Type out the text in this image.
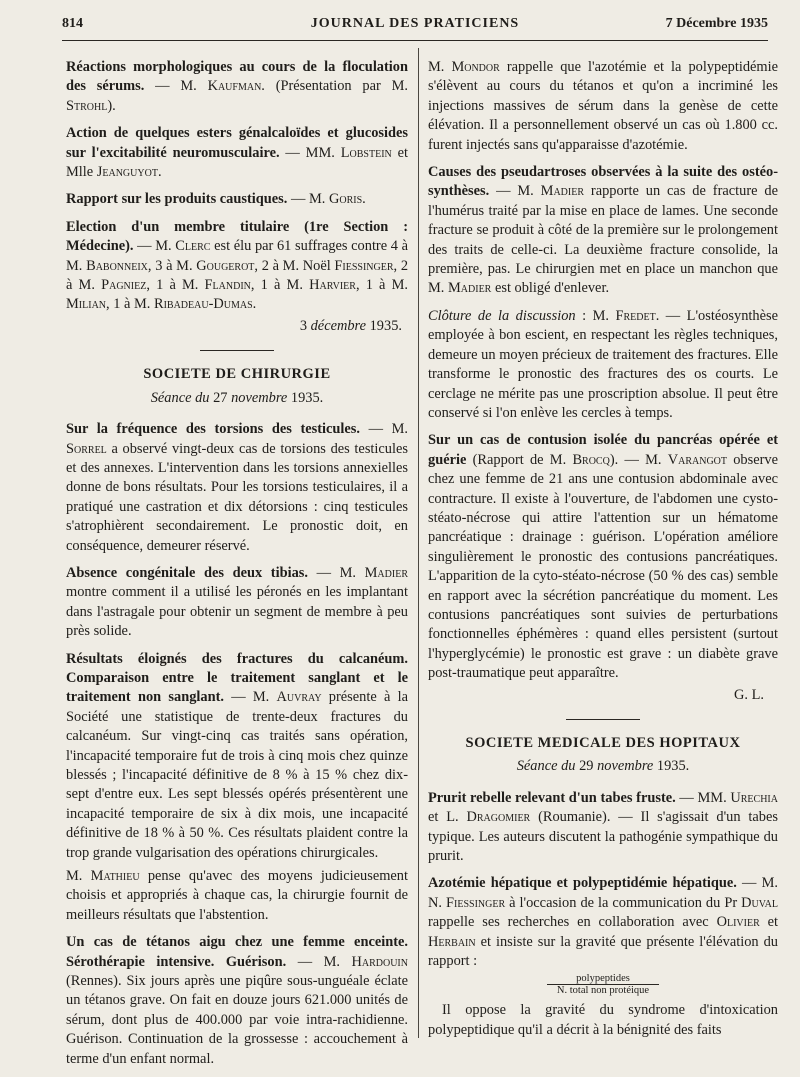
814	JOURNAL DES PRATICIENS	7 Décembre 1935

Réactions morphologiques au cours de la floculation des sérums. — M. Kaufman. (Présentation par M. Strohl).

Action de quelques esters génalcaloïdes et glucosides sur l'excitabilité neuromusculaire. — MM. Lobstein et Mlle Jeanguyot.

Rapport sur les produits caustiques. — M. Goris.

Election d'un membre titulaire (1re Section : Médecine). — M. Clerc est élu par 61 suffrages contre 4 à M. Babonneix, 3 à M. Gougerot, 2 à M. Noël Fiessinger, 2 à M. Pagniez, 1 à M. Flandin, 1 à M. Harvier, 1 à M. Milian, 1 à M. Ribadeau-Dumas.

3 décembre 1935.

SOCIETE DE CHIRURGIE

Séance du 27 novembre 1935.

Sur la fréquence des torsions des testicules. — M. Sorrel a observé vingt-deux cas de torsions des testicules et des annexes. L'intervention dans les torsions annexielles donne de bons résultats. Pour les torsions testiculaires, il a pratiqué une castration et dix détorsions : cinq testicules s'atrophièrent secondairement. Le pronostic doit, en conséquence, demeurer réservé.

Absence congénitale des deux tibias. — M. Madier montre comment il a utilisé les péronés en les implantant dans l'astragale pour obtenir un segment de membre à peu près solide.

Résultats éloignés des fractures du calcanéum. Comparaison entre le traitement sanglant et le traitement non sanglant. — M. Auvray présente à la Société une statistique de trente-deux fractures du calcanéum. Sur vingt-cinq cas traités sans opération, l'incapacité temporaire fut de trois à cinq mois chez quinze blessés ; l'incapacité définitive de 8 % à 15 % chez dix-sept d'entre eux. Les sept blessés opérés présentèrent une incapacité temporaire de six à dix mois, une incapacité définitive de 18 % à 50 %. Ces résultats plaident contre la trop grande vulgarisation des opérations chirurgicales.

M. Mathieu pense qu'avec des moyens judicieusement choisis et appropriés à chaque cas, la chirurgie fournit de meilleurs résultats que l'abstention.

Un cas de tétanos aigu chez une femme enceinte. Sérothérapie intensive. Guérison. — M. Hardouin (Rennes). Six jours après une piqûre sous-unguéale éclate un tétanos grave. On fait en douze jours 621.000 unités de sérum, dont plus de 400.000 par voie intra-rachidienne. Guérison. Continuation de la grossesse : accouchement à terme d'un enfant normal.

M. Mondor rappelle que l'azotémie et la polypeptidémie s'élèvent au cours du tétanos et qu'on a incriminé les injections massives de sérum dans la genèse de cette élévation. Il a personnellement observé un cas où 1.800 cc. furent injectés sans qu'apparaisse d'azotémie.

Causes des pseudartroses observées à la suite des ostéo-synthèses. — M. Madier rapporte un cas de fracture de l'humérus traité par la mise en place de lames. Une seconde fracture se produit à côté de la première sur le prolongement des traits de celle-ci. La deuxième fracture consolide, la première, pas. Le chirurgien met en place un manchon que M. Madier est obligé d'enlever.

Clôture de la discussion : M. Fredet. — L'ostéosynthèse employée à bon escient, en respectant les règles techniques, demeure un moyen précieux de traitement des fractures. Elle transforme le pronostic des fractures des os courts. Le cerclage ne mérite pas une proscription absolue. Il peut être conservé si l'on enlève les cercles à temps.

Sur un cas de contusion isolée du pancréas opérée et guérie (Rapport de M. Brocq). — M. Varangot observe chez une femme de 21 ans une contusion abdominale avec contracture. Il existe à l'ouverture, de l'abdomen une cysto-stéato-nécrose qui attire l'attention sur un hématome pancréatique : drainage : guérison. L'opération améliore singulièrement le pronostic des contusions pancréatiques. L'apparition de la cyto-stéato-nécrose (50 % des cas) semble en rapport avec la sécrétion pancréatique du moment. Les contusions pancréatiques sont suivies de perturbations fonctionnelles éphémères : quand elles persistent (surtout l'hyperglycémie) le pronostic est grave : un diabète grave post-traumatique peut apparaître.

G. L.

SOCIETE MEDICALE DES HOPITAUX

Séance du 29 novembre 1935.

Prurit rebelle relevant d'un tabes fruste. — MM. Urechia et L. Dragomier (Roumanie). — Il s'agissait d'un tabes typique. Les auteurs discutent la pathogénie sympathique du prurit.

Azotémie hépatique et polypeptidémie hépatique. — M. N. Fiessinger à l'occasion de la communication du Pr Duval rappelle ses recherches en collaboration avec Olivier et Herbain et insiste sur la gravité que présente l'élévation du rapport :

polypeptides
N. total non protéique

Il oppose la gravité du syndrome d'intoxication polypeptidique qu'il a décrit à la bénignité des faits
